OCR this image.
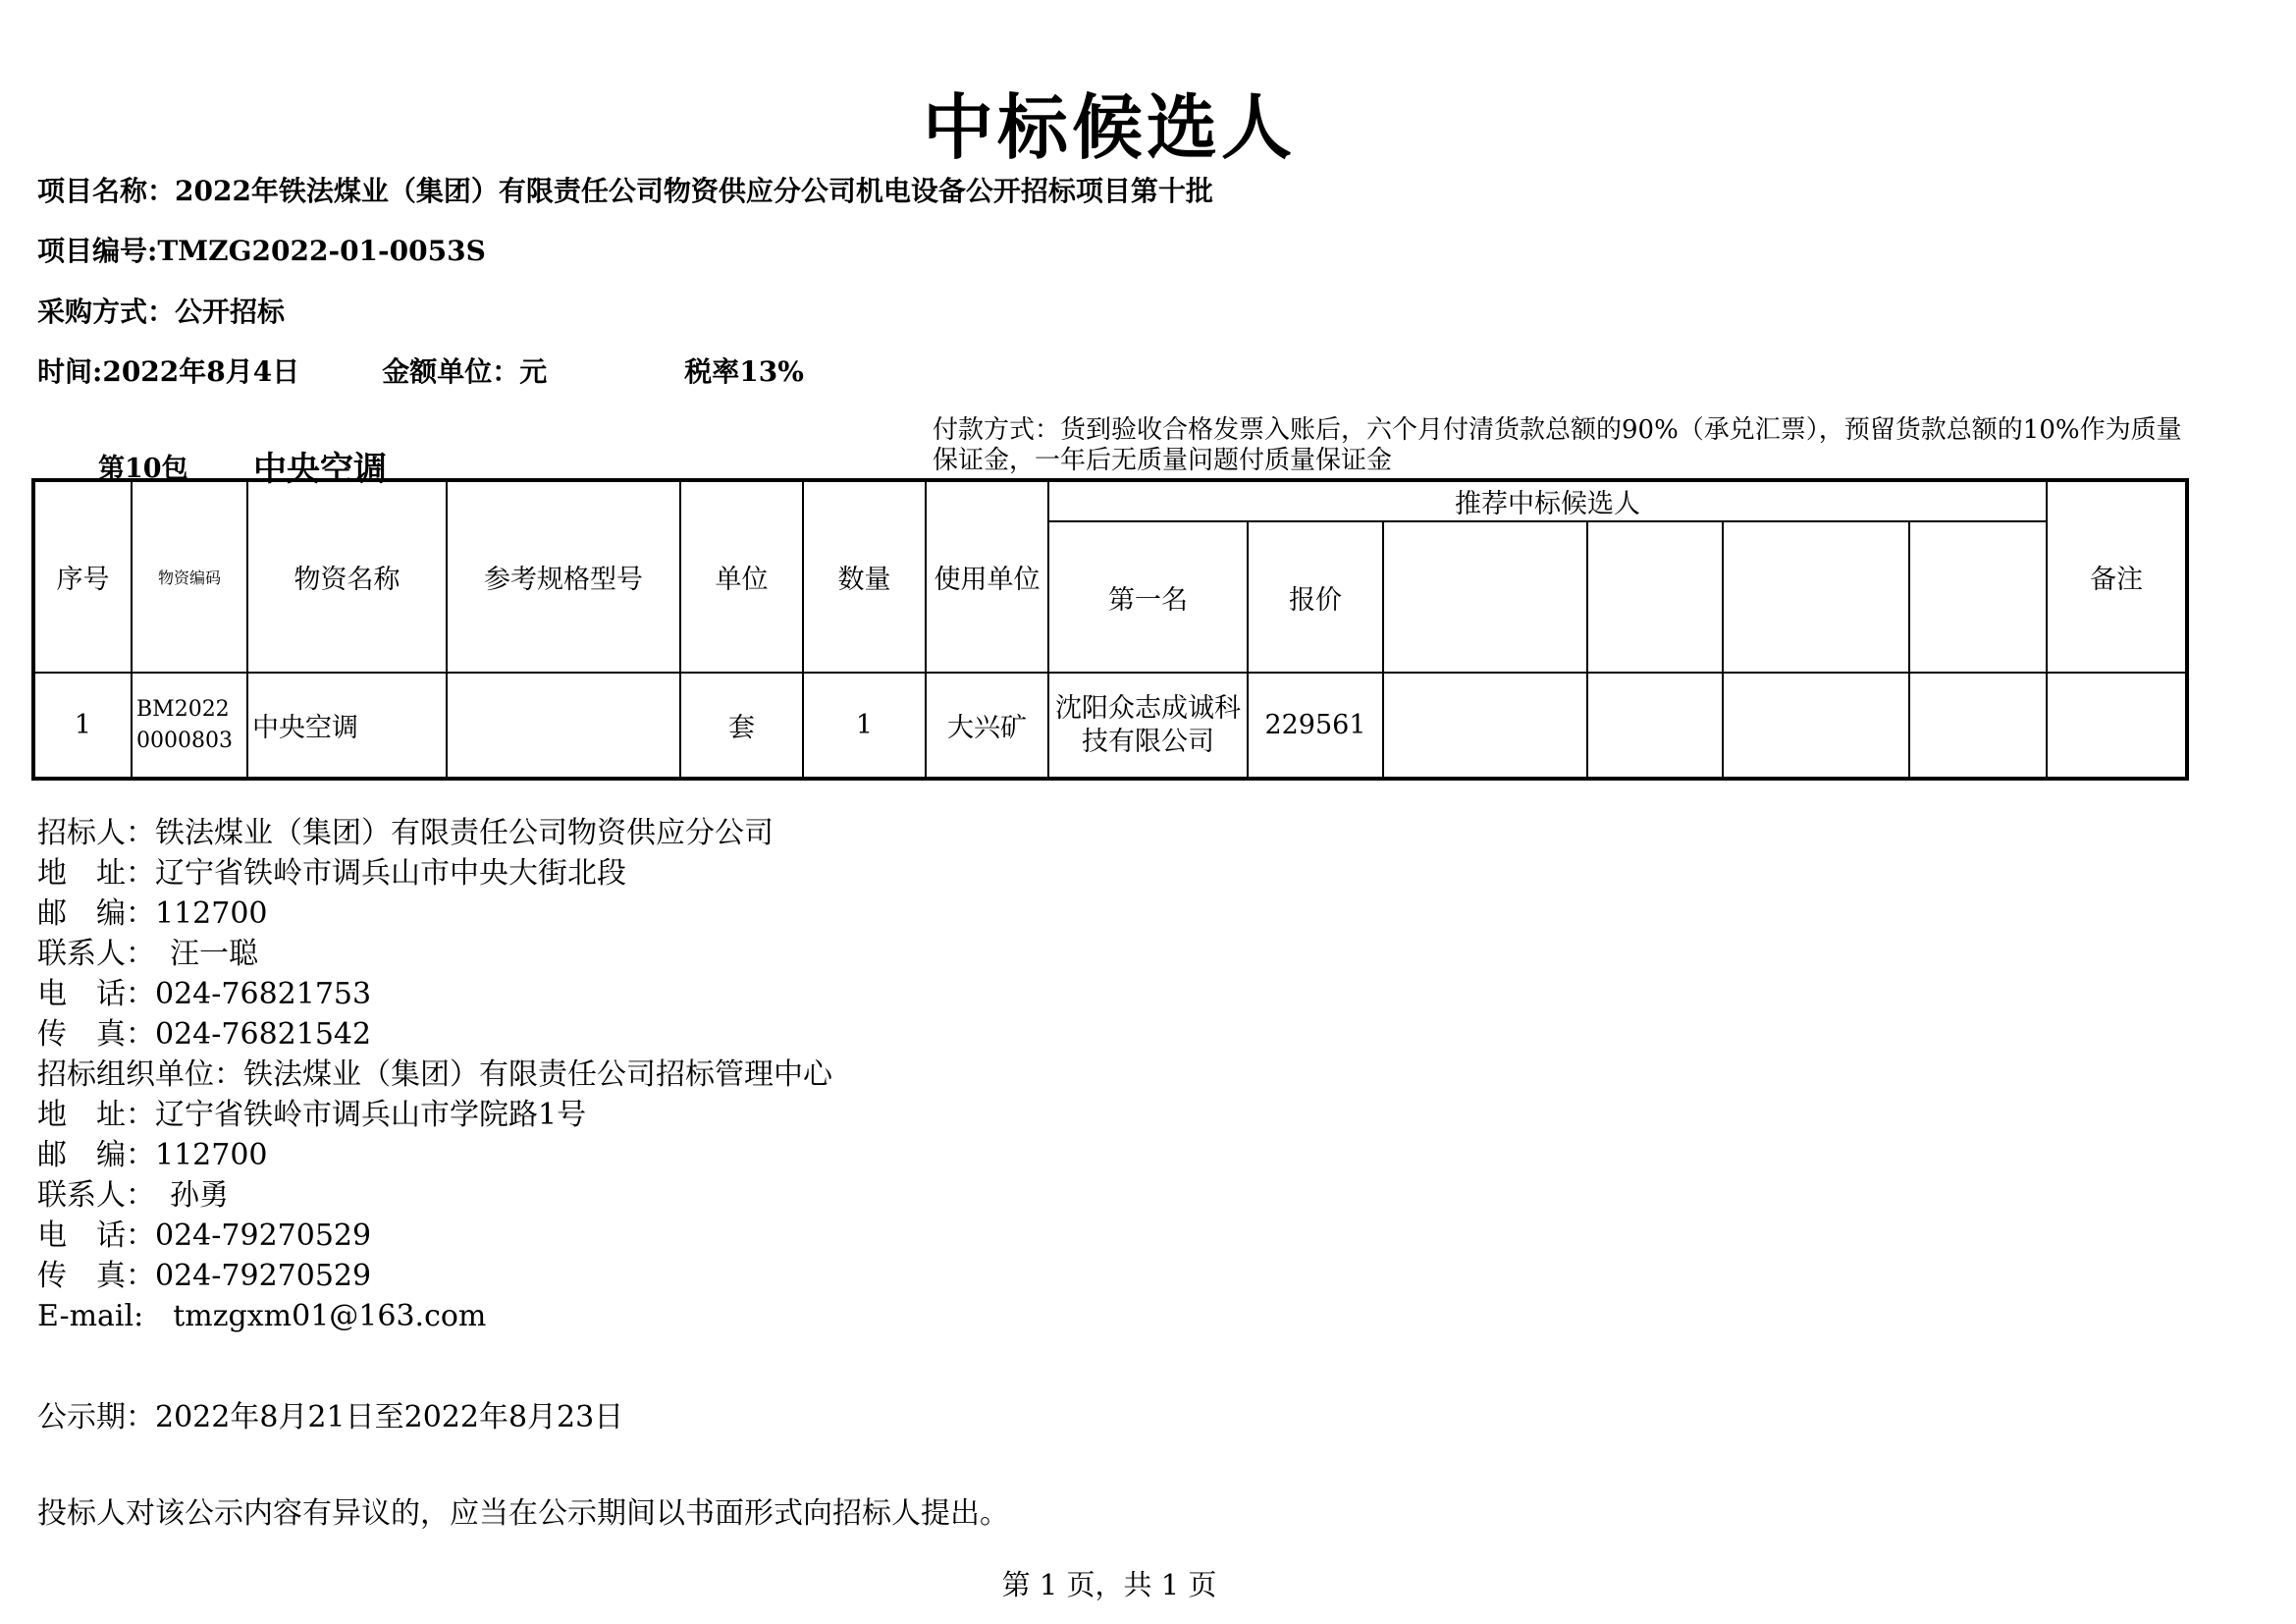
中标候选人
项目名称：2022年铁法煤业（集团）有限责任公司物资供应分公司机电设备公开招标项目第十批
项目编号:TMZG2022-01-0053S
采购方式：公开招标
时间:2022年8月4日	金额单位：元	税率13%
第10包 中央空调
付款方式：货到验收合格发票入账后，六个月付清货款总额的90%（承兑汇票），预留货款总额的10%作为质量保证金，一年后无质量问题付质量保证金
序号	物资编码	物资名称	参考规格型号	单位	数量	使用单位	推荐中标候选人						备注
							第一名	报价					
1	BM20220000803	中央空调		套	1	大兴矿	沈阳众志成诚科技有限公司	229561					
招标人：铁法煤业（集团）有限责任公司物资供应分公司
地　址：辽宁省铁岭市调兵山市中央大街北段
邮　编：112700
联系人：　汪一聪
电　话：024-76821753
传　真：024-76821542
招标组织单位：铁法煤业（集团）有限责任公司招标管理中心
地　址：辽宁省铁岭市调兵山市学院路1号
邮　编：112700
联系人：　孙勇
电　话：024-79270529
传　真：024-79270529
E-mail:　tmzgxm01@163.com
公示期：2022年8月21日至2022年8月23日
投标人对该公示内容有异议的，应当在公示期间以书面形式向招标人提出。
第 1 页，共 1 页
